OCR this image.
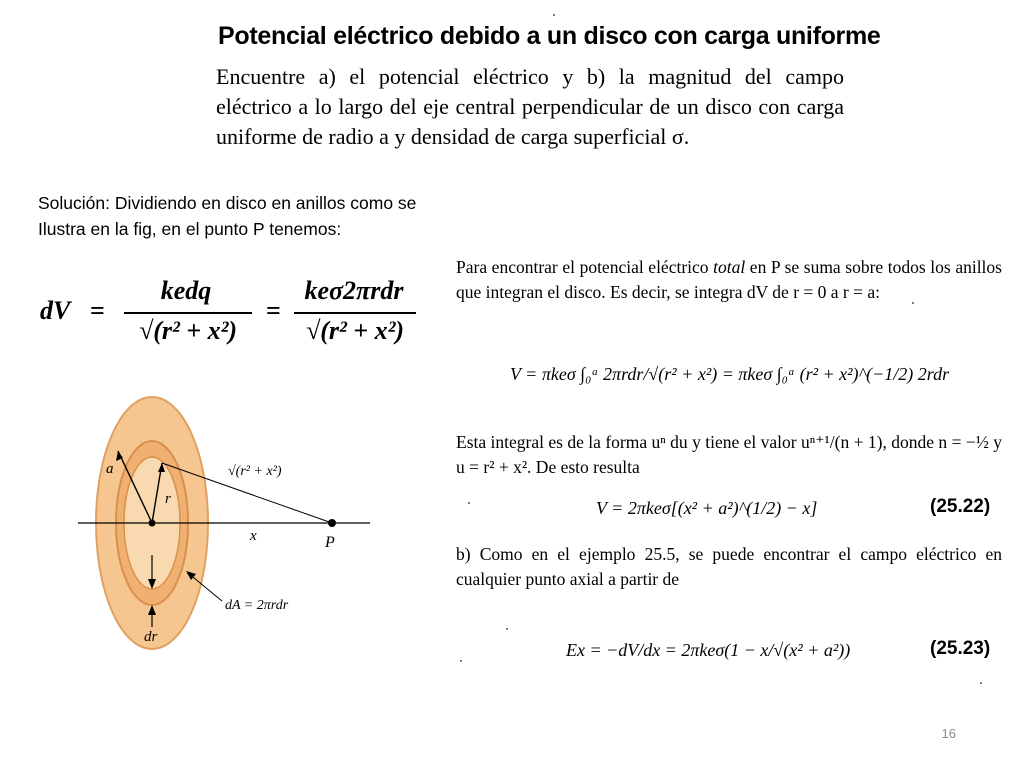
Potencial eléctrico debido a un disco con carga uniforme
Encuentre a) el potencial eléctrico y b) la magnitud del campo eléctrico a lo largo del eje central perpendicular de un disco con carga uniforme de radio a y densidad de carga superficial σ.
Solución: Dividiendo en disco en anillos como se
Ilustra en la fig, en el punto P tenemos:
dV =
kedq
√(r² + x²)
=
keσ2πrdr
√(r² + x²)
a
r
√(r² + x²)
x	P
dA = 2πrdr
dr
Para encontrar el potencial eléctrico total en P se suma sobre todos los anillos que integran el disco. Es decir, se integra dV de r = 0 a r = a:
V = πkeσ ∫₀ᵃ 2πrdr/√(r² + x²) = πkeσ ∫₀ᵃ (r² + x²)^(−1/2) 2rdr
Esta integral es de la forma uⁿ du y tiene el valor uⁿ⁺¹/(n + 1), donde n = −½ y u = r² + x². De esto resulta
V = 2πkeσ[(x² + a²)^(1/2) − x]	(25.22)
b) Como en el ejemplo 25.5, se puede encontrar el campo eléctrico en cualquier punto axial a partir de
Ex = −dV/dx = 2πkeσ(1 − x/√(x² + a²))	(25.23)
16
